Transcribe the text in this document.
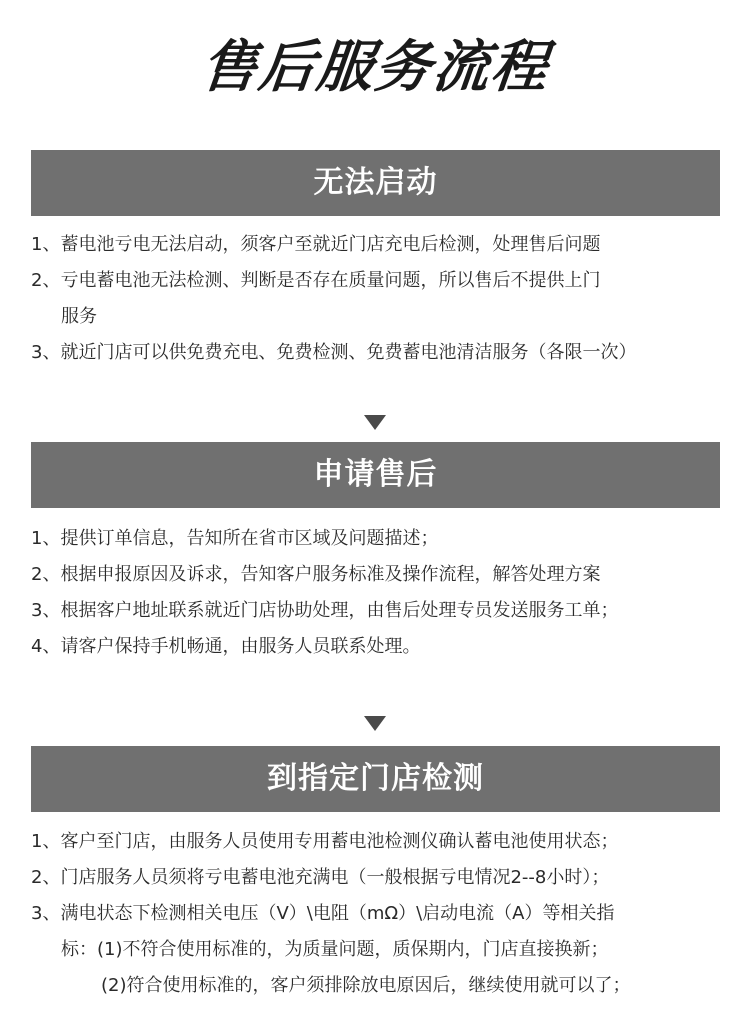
售后服务流程
无法启动
1、蓄电池亏电无法启动，须客户至就近门店充电后检测，处理售后问题
2、亏电蓄电池无法检测、判断是否存在质量问题，所以售后不提供上门
服务
3、就近门店可以供免费充电、免费检测、免费蓄电池清洁服务（各限一次）
申请售后
1、提供订单信息，告知所在省市区域及问题描述；
2、根据申报原因及诉求，告知客户服务标准及操作流程，解答处理方案
3、根据客户地址联系就近门店协助处理，由售后处理专员发送服务工单；
4、请客户保持手机畅通，由服务人员联系处理。
到指定门店检测
1、客户至门店，由服务人员使用专用蓄电池检测仪确认蓄电池使用状态；
2、门店服务人员须将亏电蓄电池充满电（一般根据亏电情况2--8小时）；
3、满电状态下检测相关电压（V）\电阻（mΩ）\启动电流（A）等相关指
标：(1)不符合使用标准的，为质量问题，质保期内，门店直接换新；
(2)符合使用标准的，客户须排除放电原因后，继续使用就可以了；
